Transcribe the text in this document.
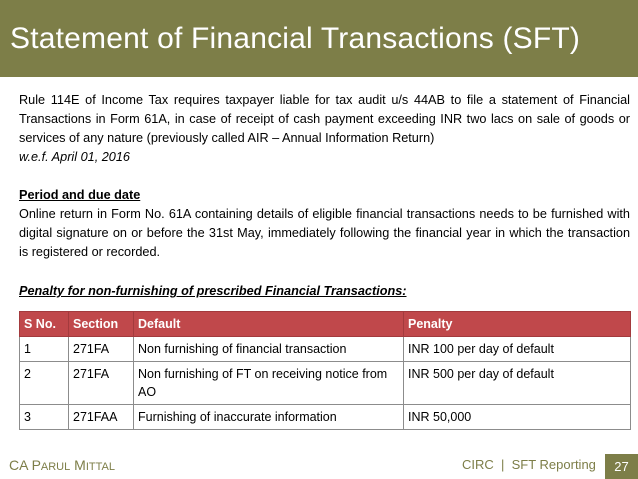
Statement of Financial Transactions (SFT)
Rule 114E of Income Tax requires taxpayer liable for tax audit u/s 44AB to file a statement of Financial Transactions in Form 61A, in case of receipt of cash payment exceeding INR two lacs on sale of goods or services of any nature (previously called AIR – Annual Information Return)
w.e.f. April 01, 2016
Period and due date
Online return in Form No. 61A containing details of eligible financial transactions needs to be furnished with digital signature on or before the 31st May, immediately following the financial year in which the transaction is registered or recorded.
Penalty for non-furnishing of prescribed Financial Transactions:
S No.	Section	Default	Penalty
1	271FA	Non furnishing of financial transaction	INR 100 per day of default
2	271FA	Non furnishing of FT on receiving notice from AO	INR 500 per day of default
3	271FAA	Furnishing of inaccurate information	INR 50,000
CA PARUL MITTAL	CIRC  |  SFT Reporting	27
